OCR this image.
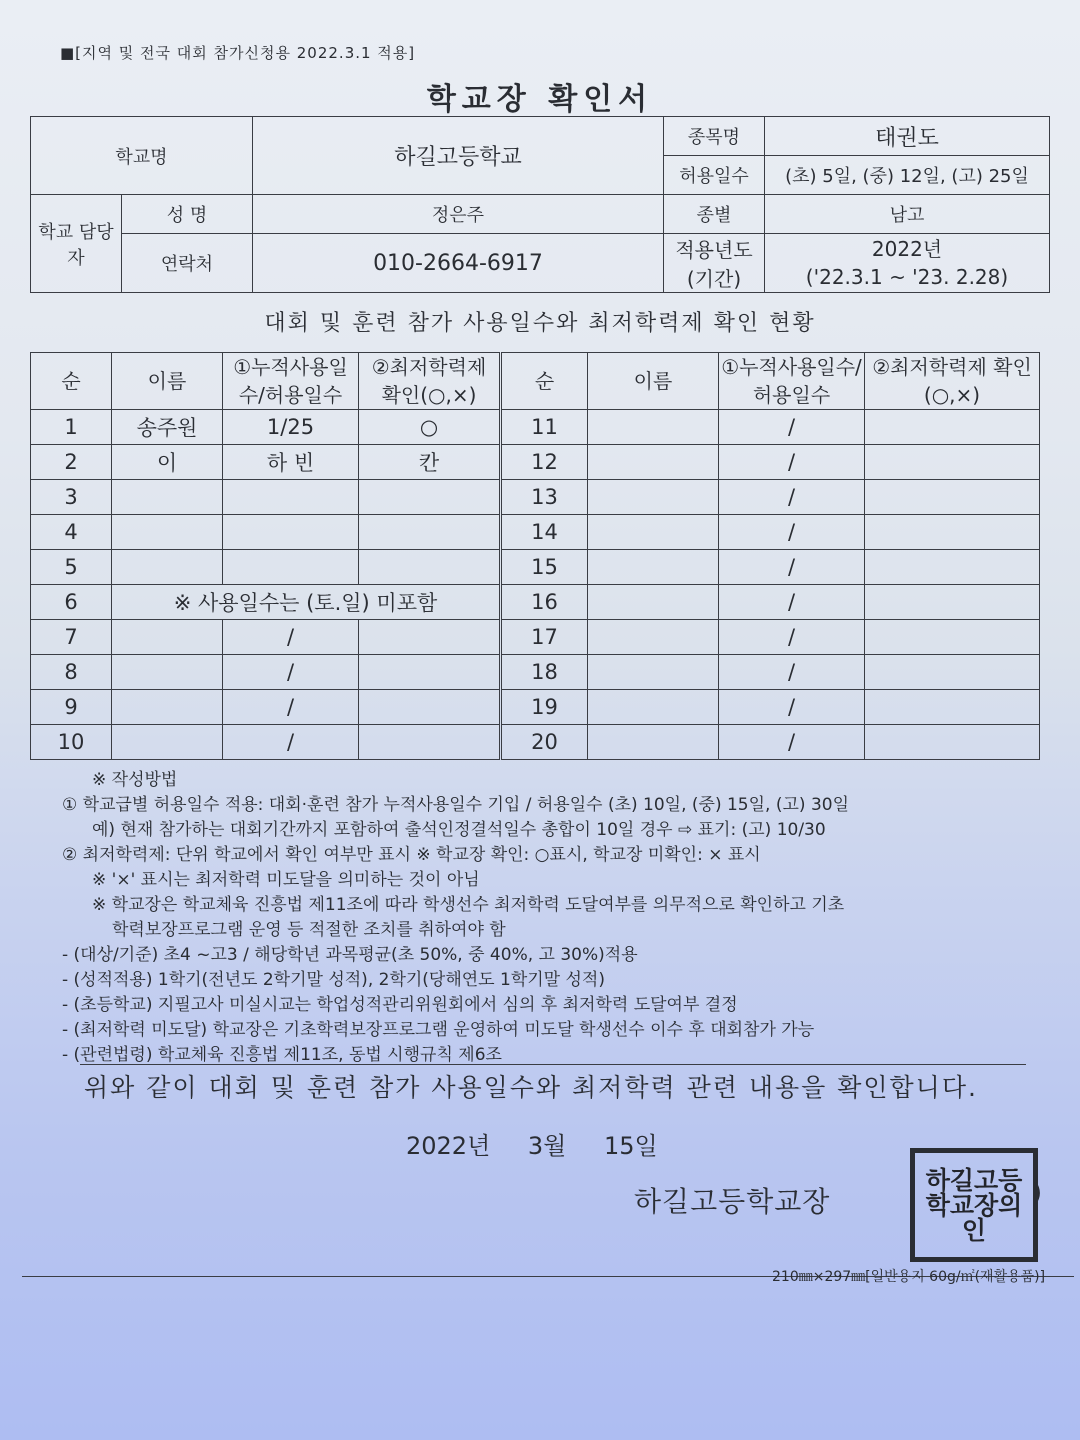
■[지역 및 전국 대회 참가신청용 2022.3.1 적용]
학교장 확인서
학교명		하길고등학교	종목명	태권도
			허용일수	(초) 5일, (중) 12일, (고) 25일
학교 담당자	성 명	정은주	종별	남고
	연락처	010-2664-6917	적용년도 (기간)	2022년
('22.3.1 ~ '23. 2.28)
대회 및 훈련 참가 사용일수와 최저학력제 확인 현황
순	이름	①누적사용일수/허용일수	②최저학력제 확인(○,×)	순	이름	①누적사용일수/허용일수	②최저학력제 확인(○,×)
1	송주원	1/25	○	11		/	
2	이	하 빈	칸	12		/	
3				13		/	
4				14		/	
5				15		/	
6	※ 사용일수는 (토.일) 미포함			16		/	
7		/		17		/	
8		/		18		/	
9		/		19		/	
10		/		20		/	
※ 작성방법
① 학교급별 허용일수 적용: 대회·훈련 참가 누적사용일수 기입 / 허용일수 (초) 10일, (중) 15일, (고) 30일
예) 현재 참가하는 대회기간까지 포함하여 출석인정결석일수 총합이 10일 경우 ⇨ 표기: (고) 10/30
② 최저학력제: 단위 학교에서 확인 여부만 표시 ※ 학교장 확인: ○표시, 학교장 미확인: × 표시
※ '×' 표시는 최저학력 미도달을 의미하는 것이 아님
※ 학교장은 학교체육 진흥법 제11조에 따라 학생선수 최저학력 도달여부를 의무적으로 확인하고 기초
학력보장프로그램 운영 등 적절한 조치를 취하여야 함
- (대상/기준) 초4 ~고3 / 해당학년 과목평균(초 50%, 중 40%, 고 30%)적용
- (성적적용) 1학기(전년도 2학기말 성적), 2학기(당해연도 1학기말 성적)
- (초등학교) 지필고사 미실시교는 학업성적관리위원회에서 심의 후 최저학력 도달여부 결정
- (최저학력 미도달) 학교장은 기초학력보장프로그램 운영하여 미도달 학생선수 이수 후 대회참가 가능
- (관련법령) 학교체육 진흥법 제11조, 동법 시행규칙 제6조
위와 같이 대회 및 훈련 참가 사용일수와 최저학력 관련 내용을 확인합니다.
2022년 3월 15일
하길고등학교장
하길고등학교장의인
)
210㎜×297㎜[일반용지 60g/㎡(재활용품)]
